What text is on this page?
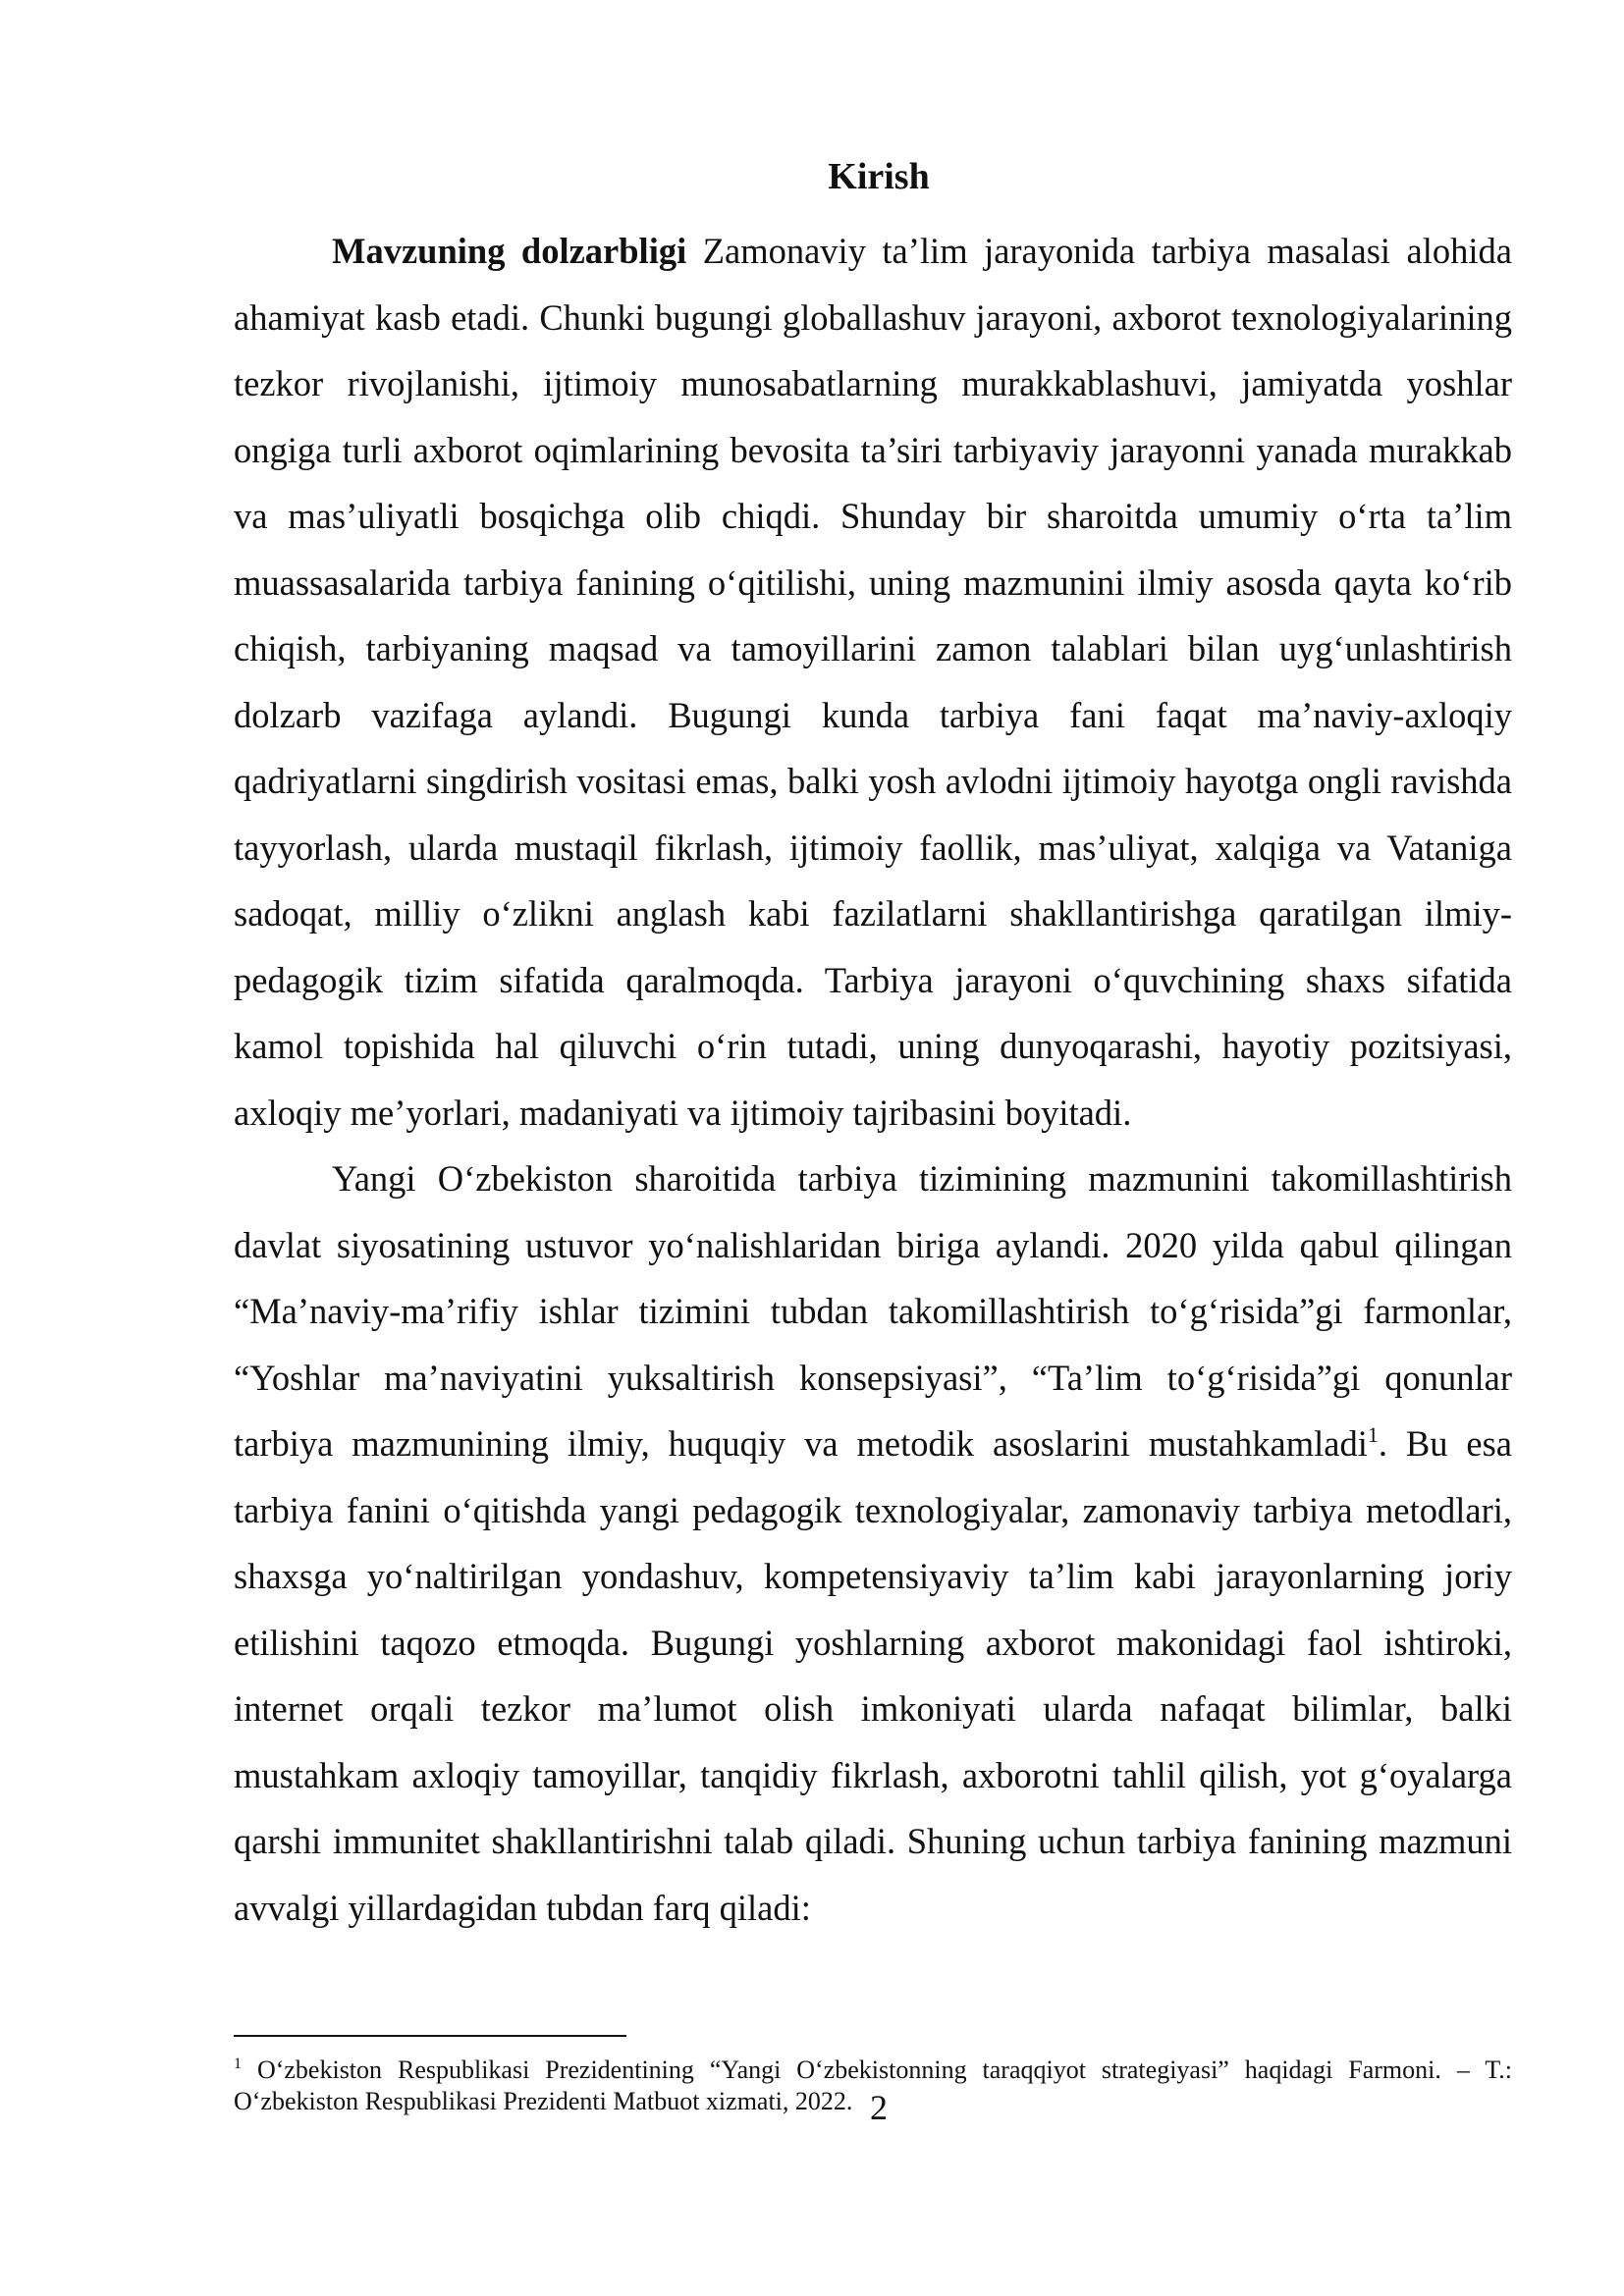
Kirish

Mavzuning dolzarbligi Zamonaviy ta’lim jarayonida tarbiya masalasi alohida ahamiyat kasb etadi. Chunki bugungi globallashuv jarayoni, axborot texnologiyalarining tezkor rivojlanishi, ijtimoiy munosabatlarning murakkablashuvi, jamiyatda yoshlar ongiga turli axborot oqimlarining bevosita ta’siri tarbiyaviy jarayonni yanada murakkab va mas’uliyatli bosqichga olib chiqdi. Shunday bir sharoitda umumiy o‘rta ta’lim muassasalarida tarbiya fanining o‘qitilishi, uning mazmunini ilmiy asosda qayta ko‘rib chiqish, tarbiyaning maqsad va tamoyillarini zamon talablari bilan uyg‘unlashtirish dolzarb vazifaga aylandi. Bugungi kunda tarbiya fani faqat ma’naviy-axloqiy qadriyatlarni singdirish vositasi emas, balki yosh avlodni ijtimoiy hayotga ongli ravishda tayyorlash, ularda mustaqil fikrlash, ijtimoiy faollik, mas’uliyat, xalqiga va Vataniga sadoqat, milliy o‘zlikni anglash kabi fazilatlarni shakllantirishga qaratilgan ilmiy-pedagogik tizim sifatida qaralmoqda. Tarbiya jarayoni o‘quvchining shaxs sifatida kamol topishida hal qiluvchi o‘rin tutadi, uning dunyoqarashi, hayotiy pozitsiyasi, axloqiy me’yorlari, madaniyati va ijtimoiy tajribasini boyitadi.

Yangi O‘zbekiston sharoitida tarbiya tizimining mazmunini takomillashtirish davlat siyosatining ustuvor yo‘nalishlaridan biriga aylandi. 2020 yilda qabul qilingan “Ma’naviy-ma’rifiy ishlar tizimini tubdan takomillashtirish to‘g‘risida”gi farmonlar, “Yoshlar ma’naviyatini yuksaltirish konsepsiyasi”, “Ta’lim to‘g‘risida”gi qonunlar tarbiya mazmunining ilmiy, huquqiy va metodik asoslarini mustahkamladi$^1$. Bu esa tarbiya fanini o‘qitishda yangi pedagogik texnologiyalar, zamonaviy tarbiya metodlari, shaxsga yo‘naltirilgan yondashuv, kompetensiyaviy ta’lim kabi jarayonlarning joriy etilishini taqozo etmoqda. Bugungi yoshlarning axborot makonidagi faol ishtiroki, internet orqali tezkor ma’lumot olish imkoniyati ularda nafaqat bilimlar, balki mustahkam axloqiy tamoyillar, tanqidiy fikrlash, axborotni tahlil qilish, yot g‘oyalarga qarshi immunitet shakllantirishni talab qiladi. Shuning uchun tarbiya fanining mazmuni avvalgi yillardagidan tubdan farq qiladi:

$^1$ O‘zbekiston Respublikasi Prezidentining “Yangi O‘zbekistonning taraqqiyot strategiyasi” haqidagi Farmoni. – T.: O‘zbekiston Respublikasi Prezidenti Matbuot xizmati, 2022. 2
